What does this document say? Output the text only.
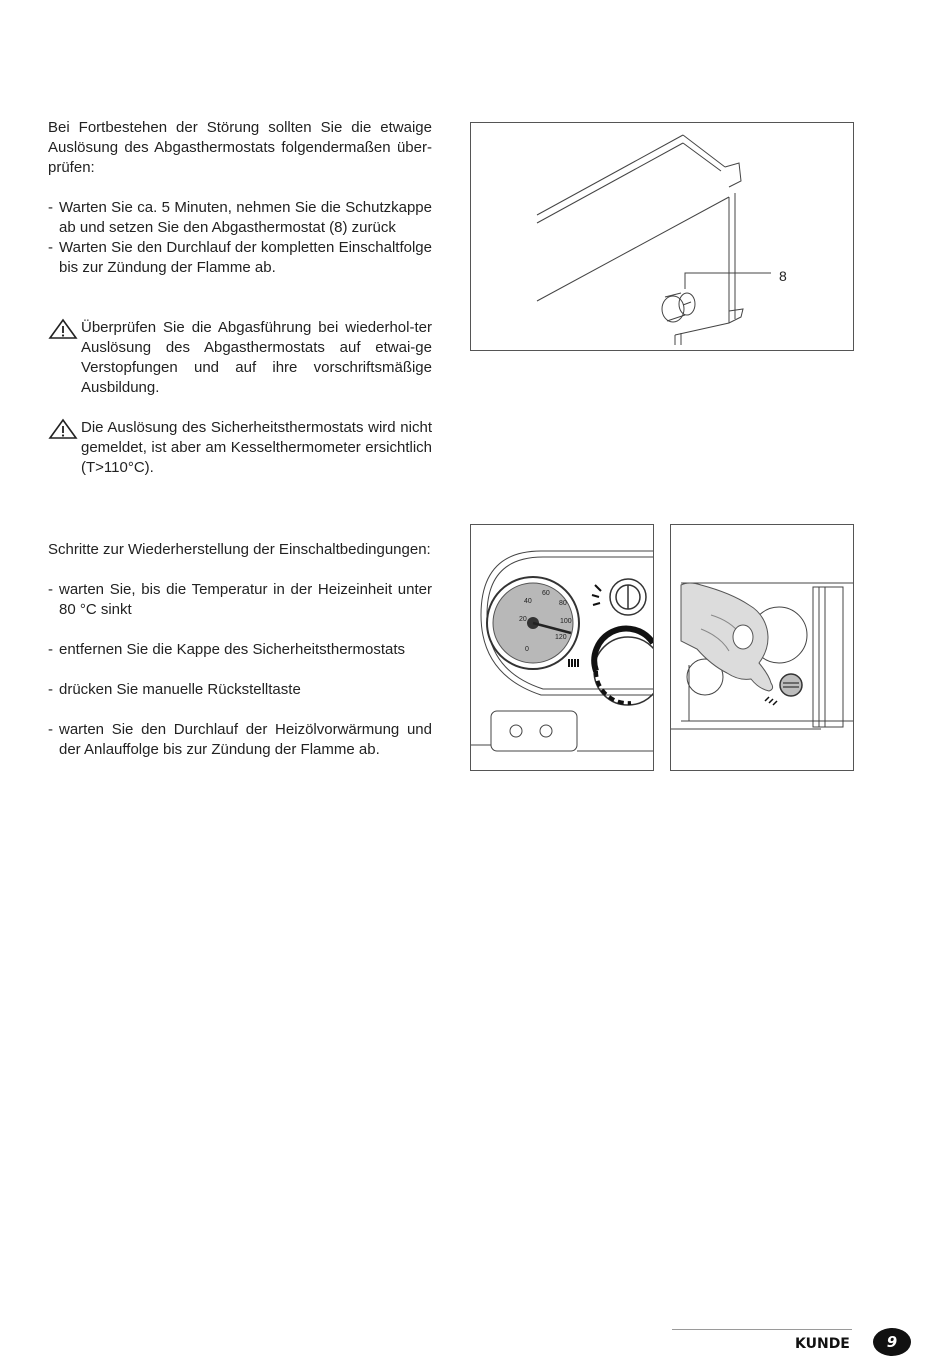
Bei Fortbestehen der Störung sollten Sie die etwaige Auslösung des Abgasthermostats folgendermaßen über-prüfen:
- Warten Sie ca. 5 Minuten, nehmen Sie die Schutzkappe ab und setzen Sie den Abgasthermostat (8) zurück
- Warten Sie den Durchlauf der kompletten Einschaltfolge bis zur Zündung der Flamme ab.
Überprüfen Sie die Abgasführung bei wiederhol-ter Auslösung des Abgasthermostats auf etwai-ge Verstopfungen und auf ihre vorschriftsmäßige Ausbildung.
Die Auslösung des Sicherheitsthermostats wird nicht gemeldet, ist aber am Kesselthermometer ersichtlich (T>110°C).
Schritte zur Wiederherstellung der Einschaltbedingungen:
- warten Sie, bis die Temperatur in der Heizeinheit unter 80 °C sinkt
- entfernen Sie die Kappe des Sicherheitsthermostats
- drücken Sie manuelle Rückstelltaste
- warten Sie den Durchlauf der Heizölvorwärmung und der Anlauffolge bis zur Zündung der Flamme ab.
8
0
20
40
60
80
100
120
KUNDE 9
